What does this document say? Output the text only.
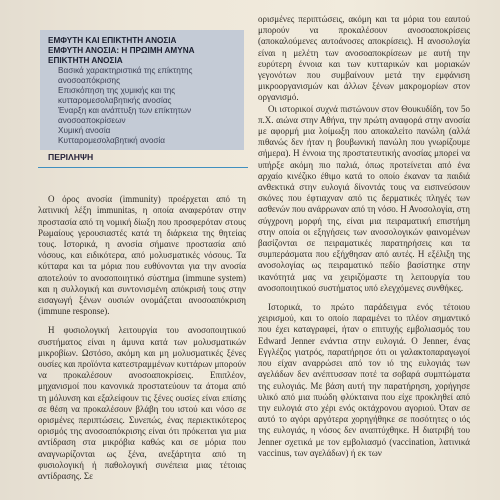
ΕΜΦΥΤΗ ΚΑΙ ΕΠΙΚΤΗΤΗ ΑΝΟΣΙΑ
ΕΜΦΥΤΗ ΑΝΟΣΙΑ: Η ΠΡΩΙΜΗ ΑΜΥΝΑ
ΕΠΙΚΤΗΤΗ ΑΝΟΣΙΑ
Βασικά χαρακτηριστικά της επίκτητης ανοσοαπόκρισης
Επισκόπηση της χυμικής και της κυτταρομεσολαβητικής ανοσίας
Έναρξη και ανάπτυξη των επίκτητων ανοσοαποκρίσεων
Χυμική ανοσία
Κυτταρομεσολαβητική ανοσία
ΠΕΡΙΛΗΨΗ

Ο όρος ανοσία (immunity) προέρχεται από τη λατινική λέξη immunitas, η οποία αναφερόταν στην προστασία από τη νομική δίωξη που προσφερόταν στους Ρωμαίους γερουσιαστές κατά τη διάρκεια της θητείας τους. Ιστορικά, η ανοσία σήμαινε προστασία από νόσους, και ειδικότερα, από μολυσματικές νόσους. Τα κύτταρα και τα μόρια που ευθύνονται για την ανοσία αποτελούν το ανοσοποιητικό σύστημα (immune system) και η συλλογική και συντονισμένη απόκρισή τους στην εισαγωγή ξένων ουσιών ονομάζεται ανοσοαπόκριση (immune response).

Η φυσιολογική λειτουργία του ανοσοποιητικού συστήματος είναι η άμυνα κατά των μολυσματικών μικροβίων. Ωστόσο, ακόμη και μη μολυσματικές ξένες ουσίες και προϊόντα κατεστραμμένων κυττάρων μπορούν να προκαλέσουν ανοσοαποκρίσεις. Επιπλέον, μηχανισμοί που κανονικά προστατεύουν τα άτομα από τη μόλυνση και εξαλείφουν τις ξένες ουσίες είναι επίσης σε θέση να προκαλέσουν βλάβη του ιστού και νόσο σε ορισμένες περιπτώσεις. Συνεπώς, ένας περιεκτικότερος ορισμός της ανοσοαπόκρισης είναι ότι πρόκειται για μια αντίδραση στα μικρόβια καθώς και σε μόρια που αναγνωρίζονται ως ξένα, ανεξάρτητα από τη φυσιολογική ή παθολογική συνέπεια μιας τέτοιας αντίδρασης. Σε

ορισμένες περιπτώσεις, ακόμη και τα μόρια του εαυτού μπορούν να προκαλέσουν ανοσοαποκρίσεις (αποκαλούμενες αυτοάνοσες αποκρίσεις). Η ανοσολογία είναι η μελέτη των ανοσοαποκρίσεων με αυτή την ευρύτερη έννοια και των κυτταρικών και μοριακών γεγονότων που συμβαίνουν μετά την εμφάνιση μικροοργανισμών και άλλων ξένων μακρομορίων στον οργανισμό.

Οι ιστορικοί συχνά πιστώνουν στον Θουκυδίδη, τον 5ο π.Χ. αιώνα στην Αθήνα, την πρώτη αναφορά στην ανοσία με αφορμή μια λοίμωξη που αποκαλείτο πανώλη (αλλά πιθανώς δεν ήταν η βουβωνική πανώλη που γνωρίζουμε σήμερα). Η έννοια της προστατευτικής ανοσίας μπορεί να υπήρξε ακόμη πιο παλιά, όπως προτείνεται από ένα αρχαίο κινέζικο έθιμο κατά το οποίο έκαναν τα παιδιά ανθεκτικά στην ευλογιά δίνοντάς τους να εισπνεύσουν σκόνες που έφτιαχναν από τις δερματικές πληγές των ασθενών που ανάρρωναν από τη νόσο. Η Ανοσολογία, στη σύγχρονη μορφή της, είναι μια πειραματική επιστήμη στην οποία οι εξηγήσεις των ανοσολογικών φαινομένων βασίζονται σε πειραματικές παρατηρήσεις και τα συμπεράσματα που εξήχθησαν από αυτές. Η εξέλιξη της ανοσολογίας ως πειραματικό πεδίο βασίστηκε στην ικανότητά μας να χειριζόμαστε τη λειτουργία του ανοσοποιητικού συστήματος υπό ελεγχόμενες συνθήκες.

Ιστορικά, το πρώτο παράδειγμα ενός τέτοιου χειρισμού, και το οποίο παραμένει το πλέον σημαντικό που έχει καταγραφεί, ήταν ο επιτυχής εμβολιασμός του Edward Jenner ενάντια στην ευλογιά. Ο Jenner, ένας Εγγλέζος γιατρός, παρατήρησε ότι οι γαλακτοπαραγωγοί που είχαν αναρρώσει από τον ιό της ευλογιάς των αγελάδων δεν ανέπτυσσαν ποτέ τα σοβαρά συμπτώματα της ευλογιάς. Με βάση αυτή την παρατήρηση, χορήγησε υλικό από μια πυώδη φλύκταινα που είχε προκληθεί από την ευλογιά στο χέρι ενός οκτάχρονου αγοριού. Όταν σε αυτό το αγόρι αργότερα χορηγήθηκε σε ποσότητες ο ιός της ευλογιάς, η νόσος δεν αναπτύχθηκε. Η διατριβή του Jenner σχετικά με τον εμβολιασμό (vaccination, λατινικά vaccinus, των αγελάδων) ή εκ των
